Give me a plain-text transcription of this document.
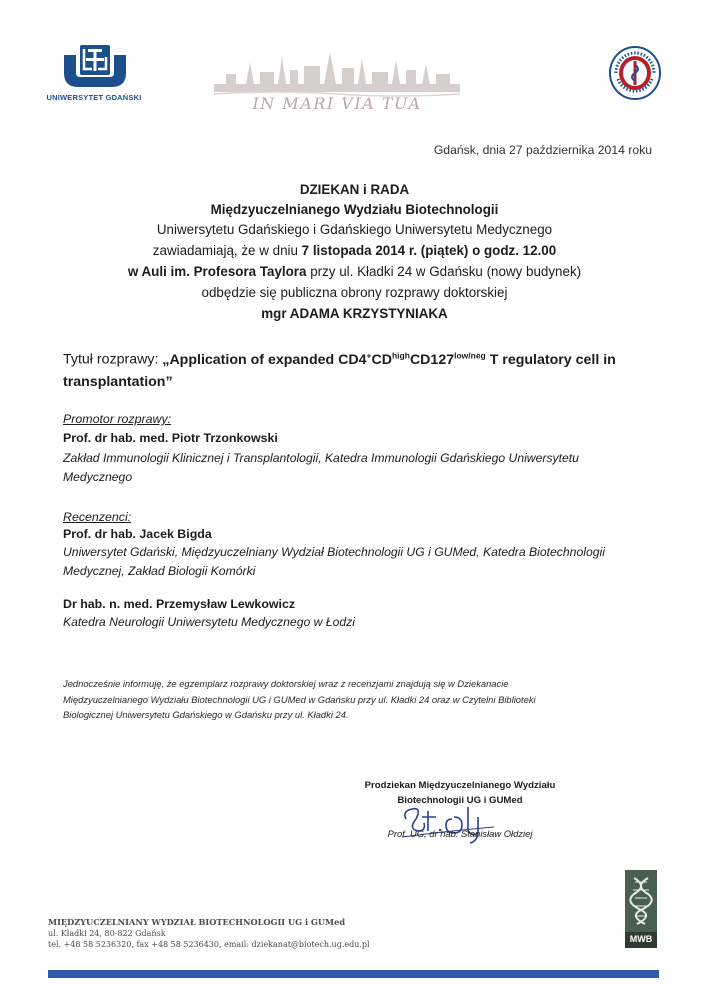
UNIWERSYTET GDAŃSKI	IN MARI VIA TUA
Gdańsk, dnia 27 października 2014 roku
DZIEKAN i RADA
Międzyuczelnianego Wydziału Biotechnologii
Uniwersytetu Gdańskiego i Gdańskiego Uniwersytetu Medycznego
zawiadamiają, że w dniu 7 listopada 2014 r. (piątek) o godz. 12.00
w Auli im. Profesora Taylora przy ul. Kładki 24 w Gdańsku (nowy budynek)
odbędzie się publiczna obrony rozprawy doktorskiej
mgr ADAMA KRZYSTYNIAKA
Tytuł rozprawy: „Application of expanded $CD4^+CD^{high}CD127^{low/neg}$ T regulatory cell in
transplantation”
Promotor rozprawy:
Prof. dr hab. med. Piotr Trzonkowski
Zakład Immunologii Klinicznej i Transplantologii, Katedra Immunologii Gdańskiego Uniwersytetu
Medycznego
Recenzenci:
Prof. dr hab. Jacek Bigda
Uniwersytet Gdański, Międzyuczelniany Wydział Biotechnologii UG i GUMed, Katedra Biotechnologii
Medycznej, Zakład Biologii Komórki
Dr hab. n. med. Przemysław Lewkowicz
Katedra Neurologii Uniwersytetu Medycznego w Łodzi
Jednocześnie informuję, że egzemplarz rozprawy doktorskiej wraz z recenzjami znajdują się w Dziekanacie
Międzyuczelnianego Wydziału Biotechnologii UG i GUMed w Gdańsku przy ul. Kładki 24 oraz w Czytelni Biblioteki
Biologicznej Uniwersytetu Gdańskiego w Gdańsku przy ul. Kładki 24.
Prodziekan Międzyuczelnianego Wydziału
Biotechnologii UG i GUMed
Prof. UG, dr hab. Stanisław Ołdziej
MIĘDZYUCZELNIANY WYDZIAŁ BIOTECHNOLOGII UG i GUMed
ul. Kładki 24, 80-822 Gdańsk
tel. +48 58 5236320, fax +48 58 5236430, email: dziekanat@biotech.ug.edu.pl
MWB
